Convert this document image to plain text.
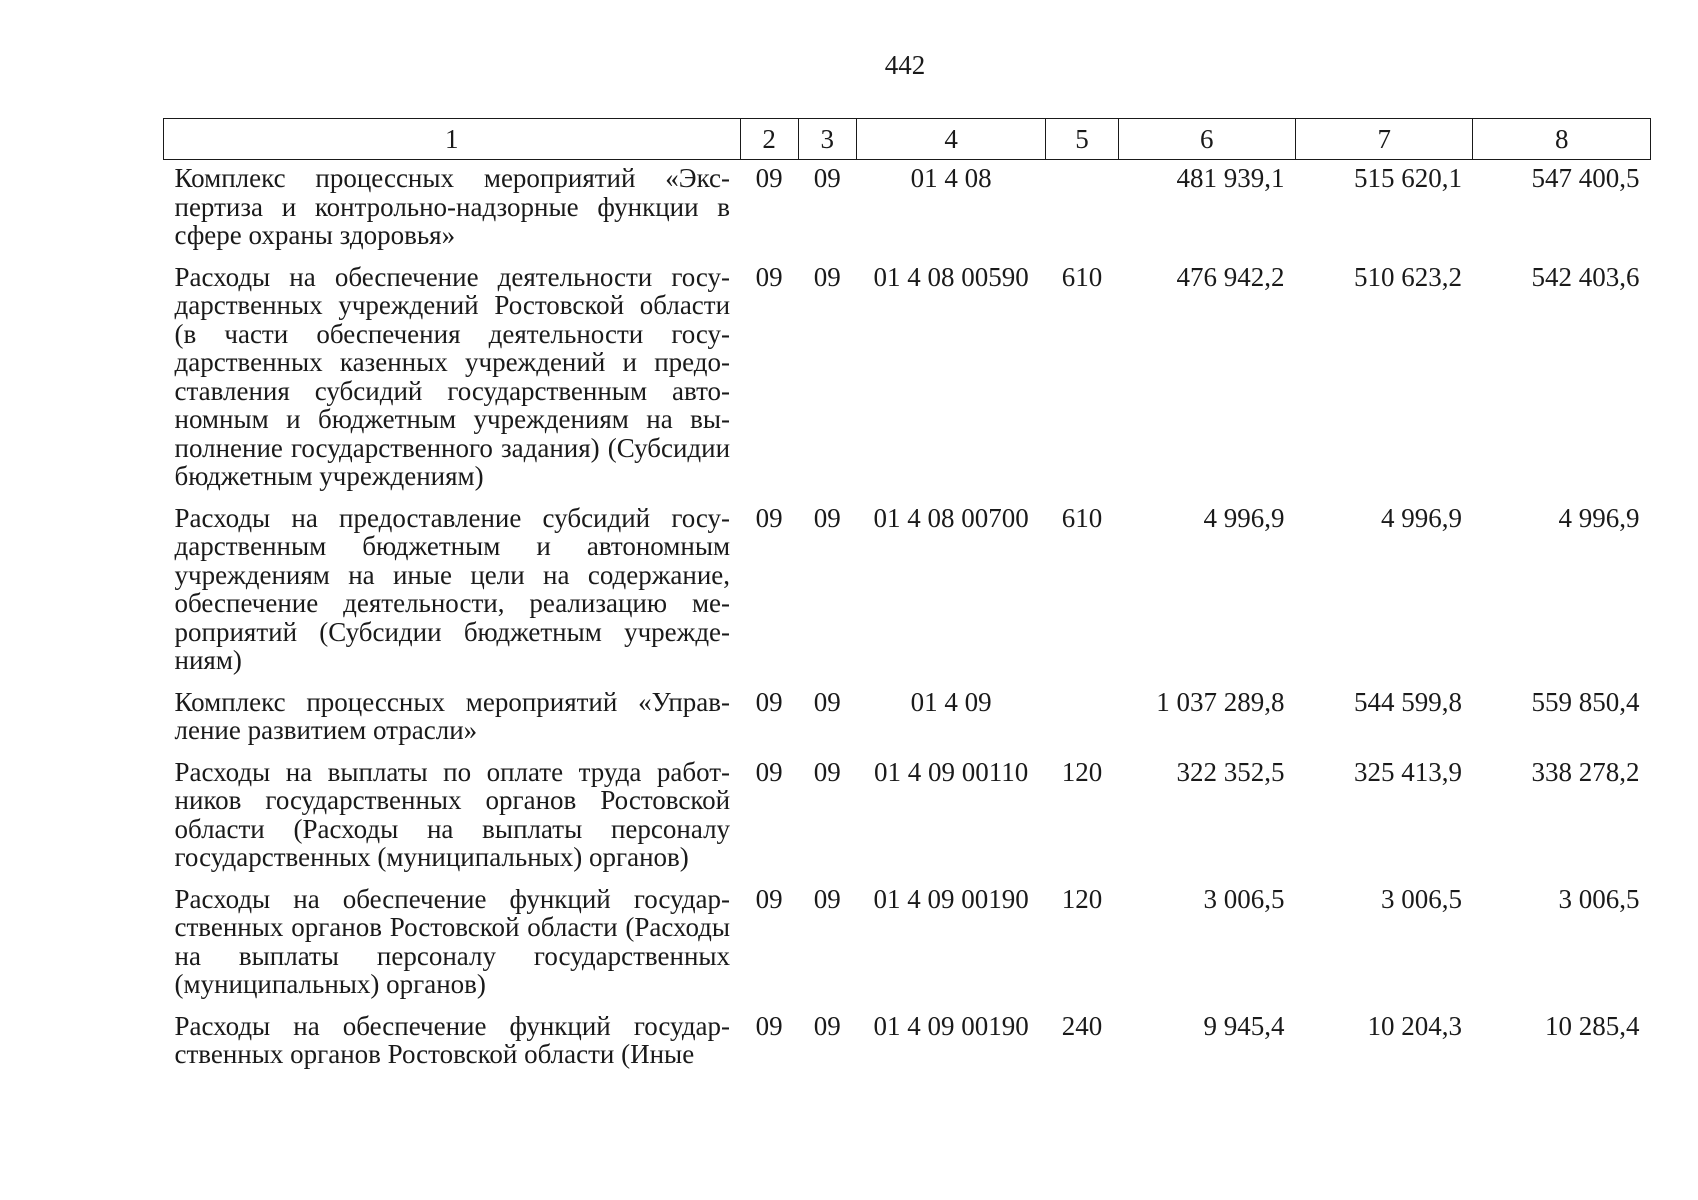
442
1	2	3	4	5	6	7	8
Комплекс процессных мероприятий «Экспертиза и контрольно-надзорные функции в сфере охраны здоровья»	09	09	01 4 08		481 939,1	515 620,1	547 400,5
Расходы на обеспечение деятельности государственных учреждений Ростовской области (в части обеспечения деятельности государственных казенных учреждений и предоставления субсидий государственным автономным и бюджетным учреждениям на выполнение государственного задания) (Субсидии бюджетным учреждениям)	09	09	01 4 08 00590	610	476 942,2	510 623,2	542 403,6
Расходы на предоставление субсидий государственным бюджетным и автономным учреждениям на иные цели на содержание, обеспечение деятельности, реализацию мероприятий (Субсидии бюджетным учреждениям)	09	09	01 4 08 00700	610	4 996,9	4 996,9	4 996,9
Комплекс процессных мероприятий «Управление развитием отрасли»	09	09	01 4 09		1 037 289,8	544 599,8	559 850,4
Расходы на выплаты по оплате труда работников государственных органов Ростовской области (Расходы на выплаты персоналу государственных (муниципальных) органов)	09	09	01 4 09 00110	120	322 352,5	325 413,9	338 278,2
Расходы на обеспечение функций государственных органов Ростовской области (Расходы на выплаты персоналу государственных (муниципальных) органов)	09	09	01 4 09 00190	120	3 006,5	3 006,5	3 006,5
Расходы на обеспечение функций государственных органов Ростовской области (Иные	09	09	01 4 09 00190	240	9 945,4	10 204,3	10 285,4
